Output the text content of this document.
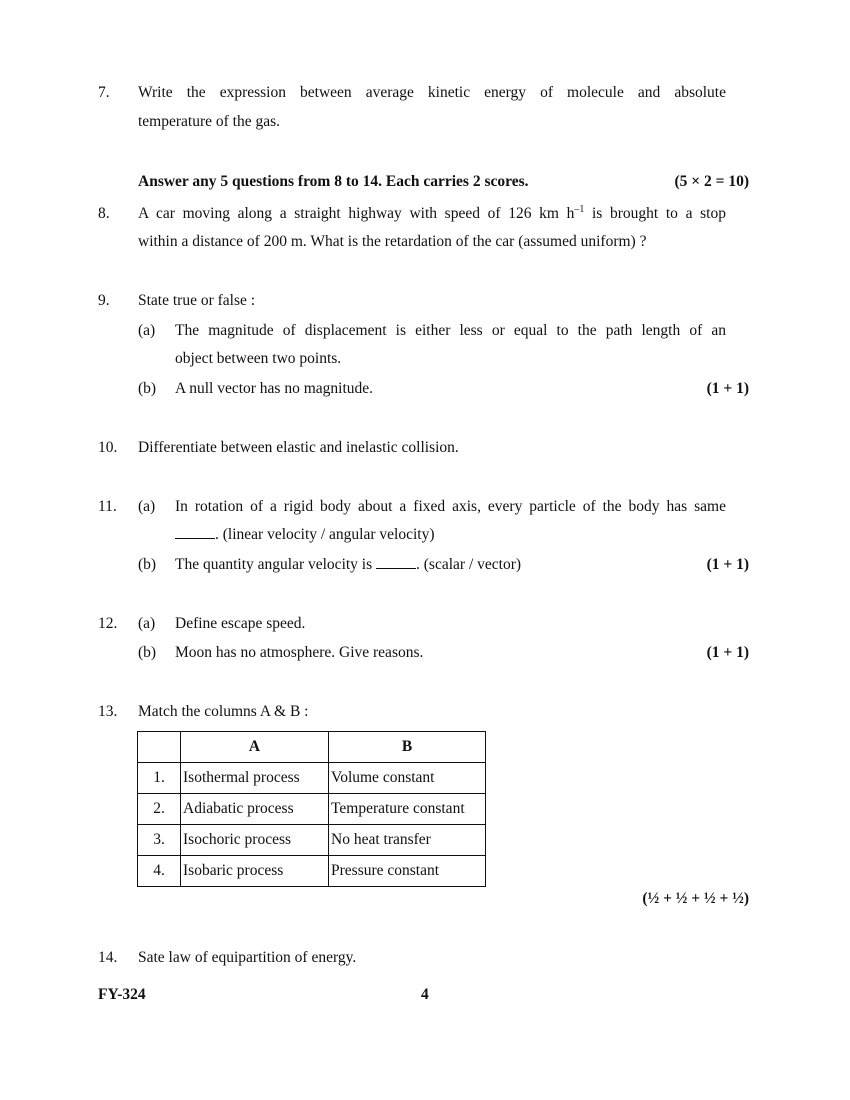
7. Write the expression between average kinetic energy of molecule and absolute
temperature of the gas.
Answer any 5 questions from 8 to 14. Each carries 2 scores.	(5 × 2 = 10)
8. A car moving along a straight highway with speed of 126 km $h^{-1}$ is brought to a stop
within a distance of 200 m. What is the retardation of the car (assumed uniform) ?
9. State true or false :
(a) The magnitude of displacement is either less or equal to the path length of an
object between two points.
(b) A null vector has no magnitude.	(1 + 1)
10. Differentiate between elastic and inelastic collision.
11. (a) In rotation of a rigid body about a fixed axis, every particle of the body has same
. (linear velocity / angular velocity)
(b) The quantity angular velocity is	. (scalar / vector)	(1 + 1)
12. (a) Define escape speed.
(b) Moon has no atmosphere. Give reasons.	(1 + 1)
13. Match the columns A & B :
	A	B
1.	Isothermal process	Volume constant
2.	Adiabatic process	Temperature constant
3.	Isochoric process	No heat transfer
4.	Isobaric process	Pressure constant
(½ + ½ + ½ + ½)
14. Sate law of equipartition of energy.
FY-324	4
